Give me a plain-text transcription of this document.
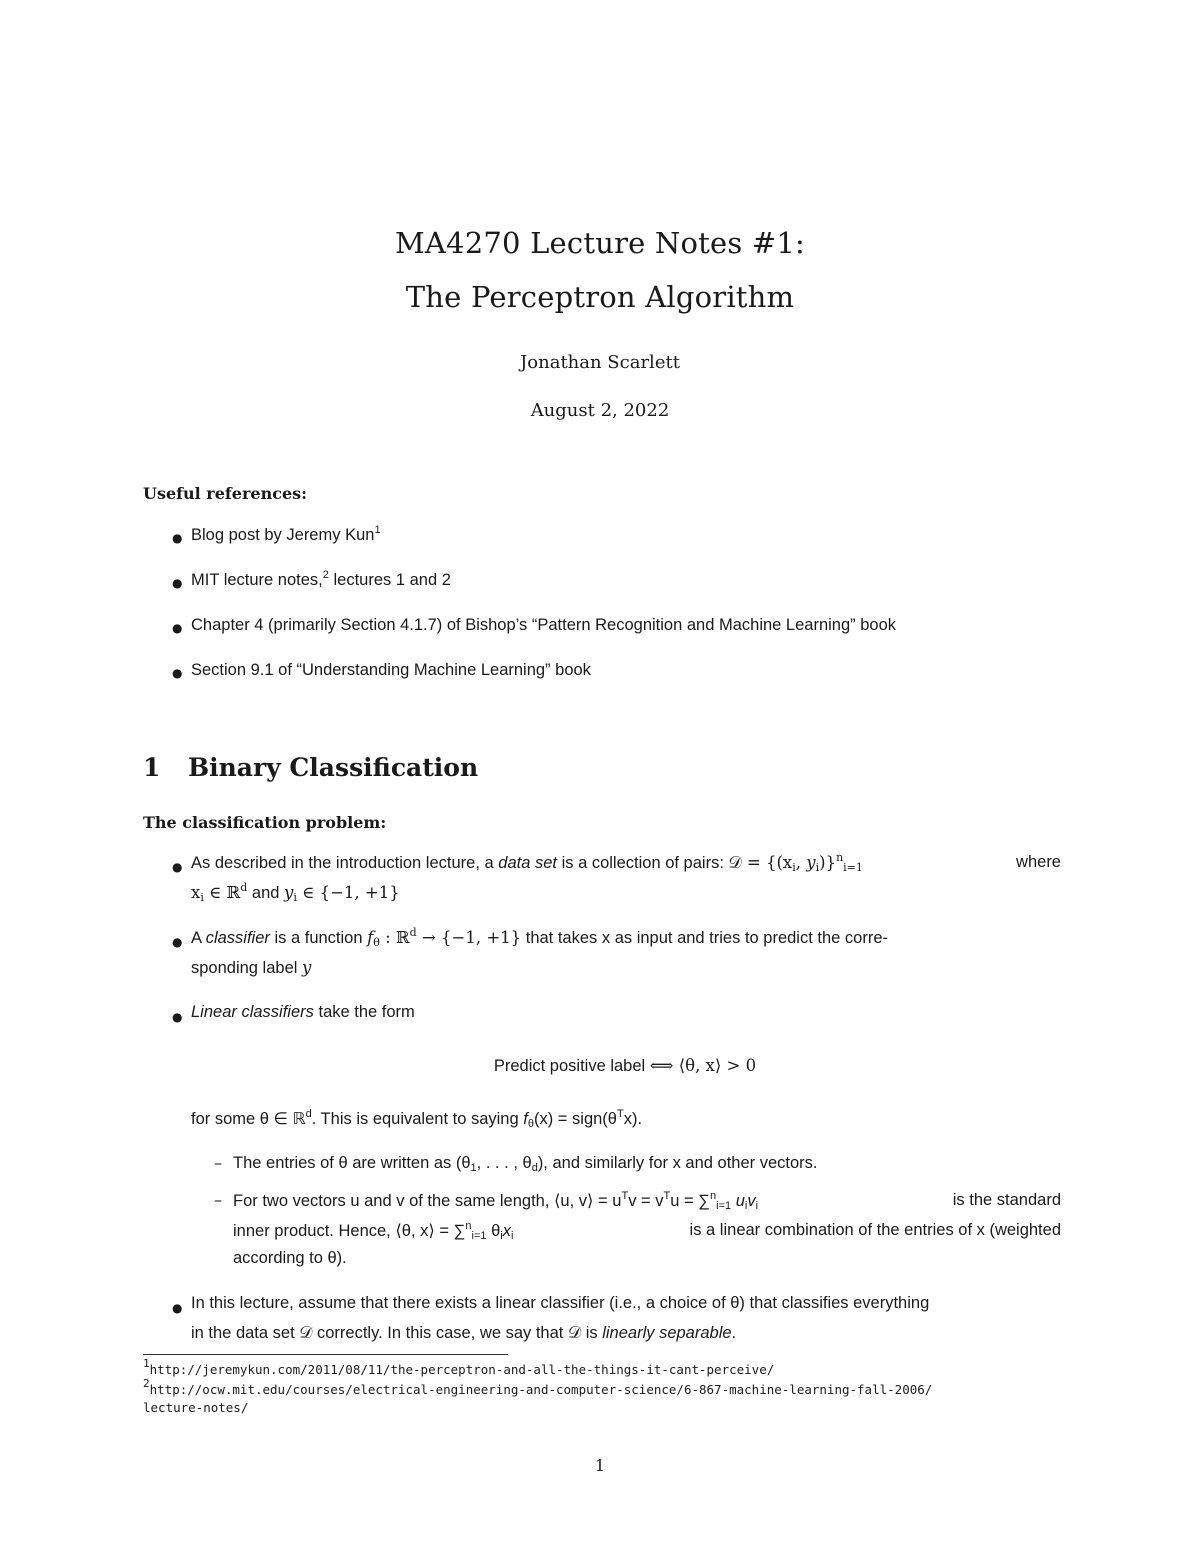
MA4270 Lecture Notes #1:
The Perceptron Algorithm
Jonathan Scarlett
August 2, 2022
Useful references:
● Blog post by Jeremy Kun$^1$
● MIT lecture notes,$^2$ lectures 1 and 2
● Chapter 4 (primarily Section 4.1.7) of Bishop’s “Pattern Recognition and Machine Learning” book
● Section 9.1 of “Understanding Machine Learning” book
1 Binary Classification
The classification problem:
● As described in the introduction lecture, a data set is a collection of pairs: 𝒟 = {($x_i$, $y_i)\}^n_{i=1}$	where
$x_i$ ∈ ℝ$^d$ and $y_i$ ∈ {−1, +1}
● A classifier is a function $f_\theta$ : ℝ$^d$ → {−1, +1} that takes x as input and tries to predict the corre-
sponding label y
● Linear classifiers take the form
Predict positive label ⟺ ⟨θ, x⟩ > 0
for some θ ∈ ℝ$^d$. This is equivalent to saying $f_\theta(x)$ = $sign(\theta^Tx)$.
– The entries of θ are written as ($\theta_1$, . . . , $\theta_d$), and similarly for x and other vectors.
– For two vectors u and v of the same length, ⟨u, v⟩ = $u^Tv = v^Tu = \sum^n_{i=1}$ $u_iv_i$	is the standard
inner product. Hence, ⟨θ, x⟩ = ∑$^n_{i=1}$ $\theta_ix_i$	is a linear combination of the entries of x (weighted
according to θ).
● In this lecture, assume that there exists a linear classifier (i.e., a choice of θ) that classifies everything
in the data set 𝒟 correctly. In this case, we say that 𝒟 is linearly separable.
$^1$http://jeremykun.com/2011/08/11/the-perceptron-and-all-the-things-it-cant-perceive/
$^2$http://ocw.mit.edu/courses/electrical-engineering-and-computer-science/6-867-machine-learning-fall-2006/
lecture-notes/
1
